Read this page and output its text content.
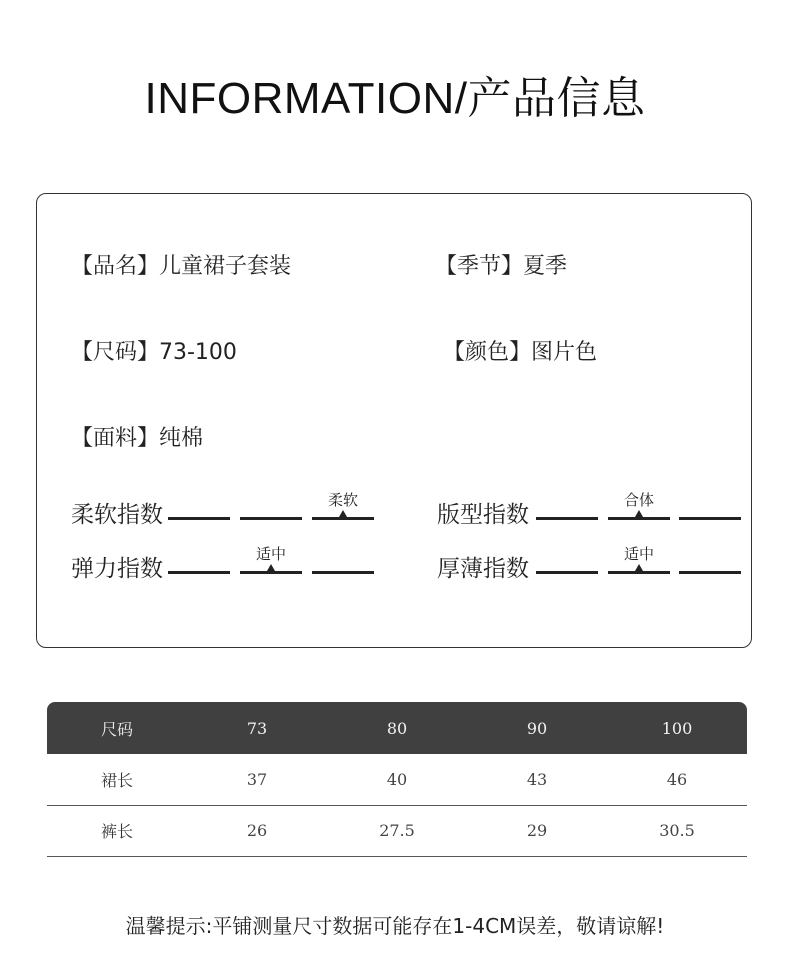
INFORMATION/产品信息
【品名】儿童裙子套装	【季节】夏季
【尺码】73-100	【颜色】图片色
【面料】纯棉
柔软指数
柔软
版型指数
合体
弹力指数
适中
厚薄指数
适中
尺码	73	80	90	100
裙长	37	40	43	46
裤长	26	27.5	29	30.5
温馨提示:平铺测量尺寸数据可能存在1-4CM误差，敬请谅解!
